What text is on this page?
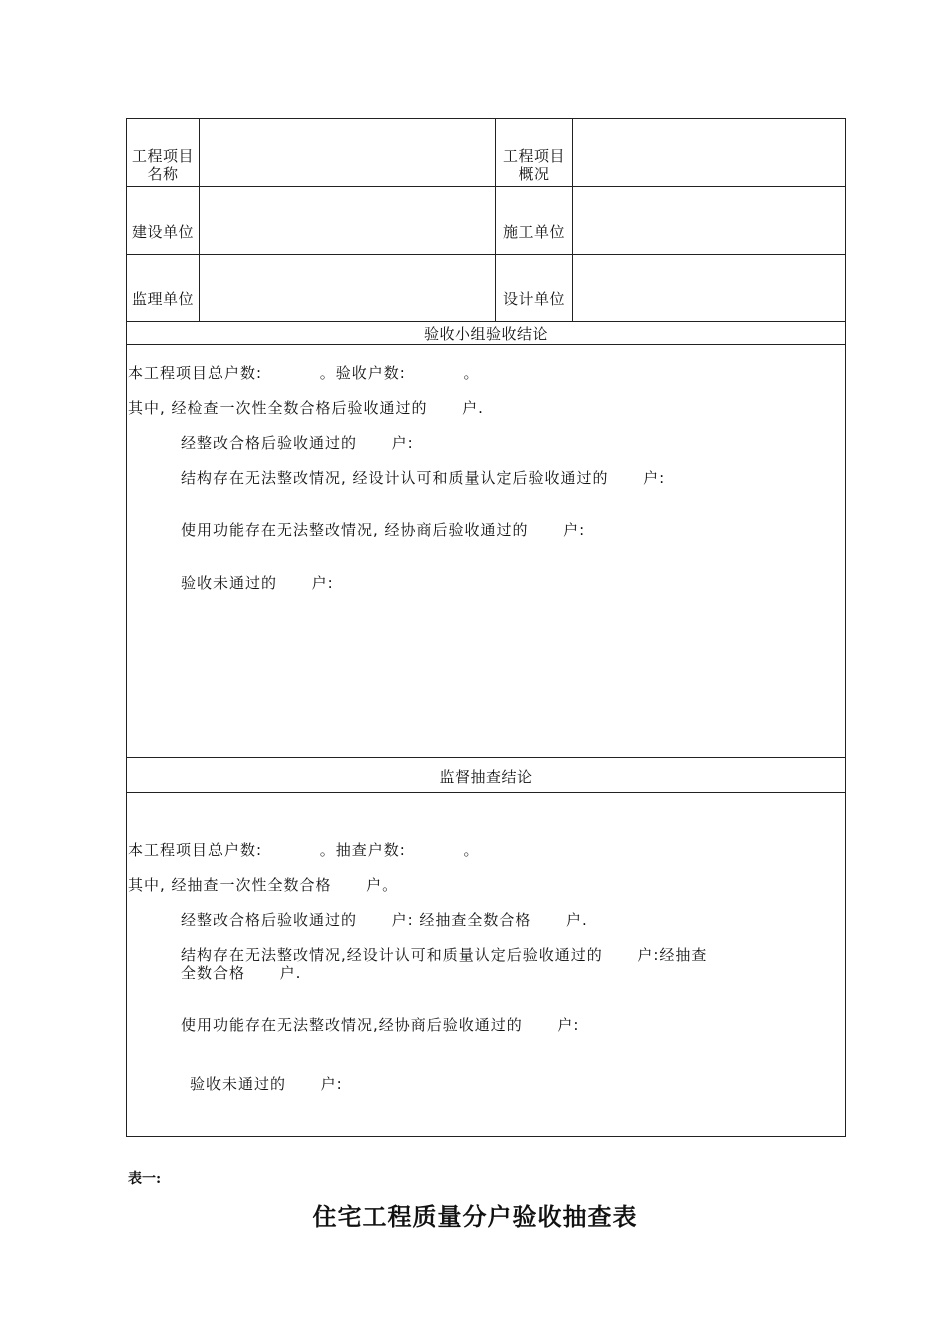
工程项目
名称
工程项目
概况
建设单位	施工单位
监理单位	设计单位
验收小组验收结论
本工程项目总户数:          。验收户数:          。
其中, 经检查一次性全数合格后验收通过的      户.
经整改合格后验收通过的      户:
结构存在无法整改情况, 经设计认可和质量认定后验收通过的      户:
使用功能存在无法整改情况, 经协商后验收通过的      户:
验收未通过的      户:
监督抽查结论
本工程项目总户数:          。抽查户数:          。
其中, 经抽查一次性全数合格      户。
经整改合格后验收通过的      户: 经抽查全数合格      户.
结构存在无法整改情况,经设计认可和质量认定后验收通过的      户:经抽查
全数合格      户.
使用功能存在无法整改情况,经协商后验收通过的      户:
验收未通过的      户:
表一:
住宅工程质量分户验收抽查表
